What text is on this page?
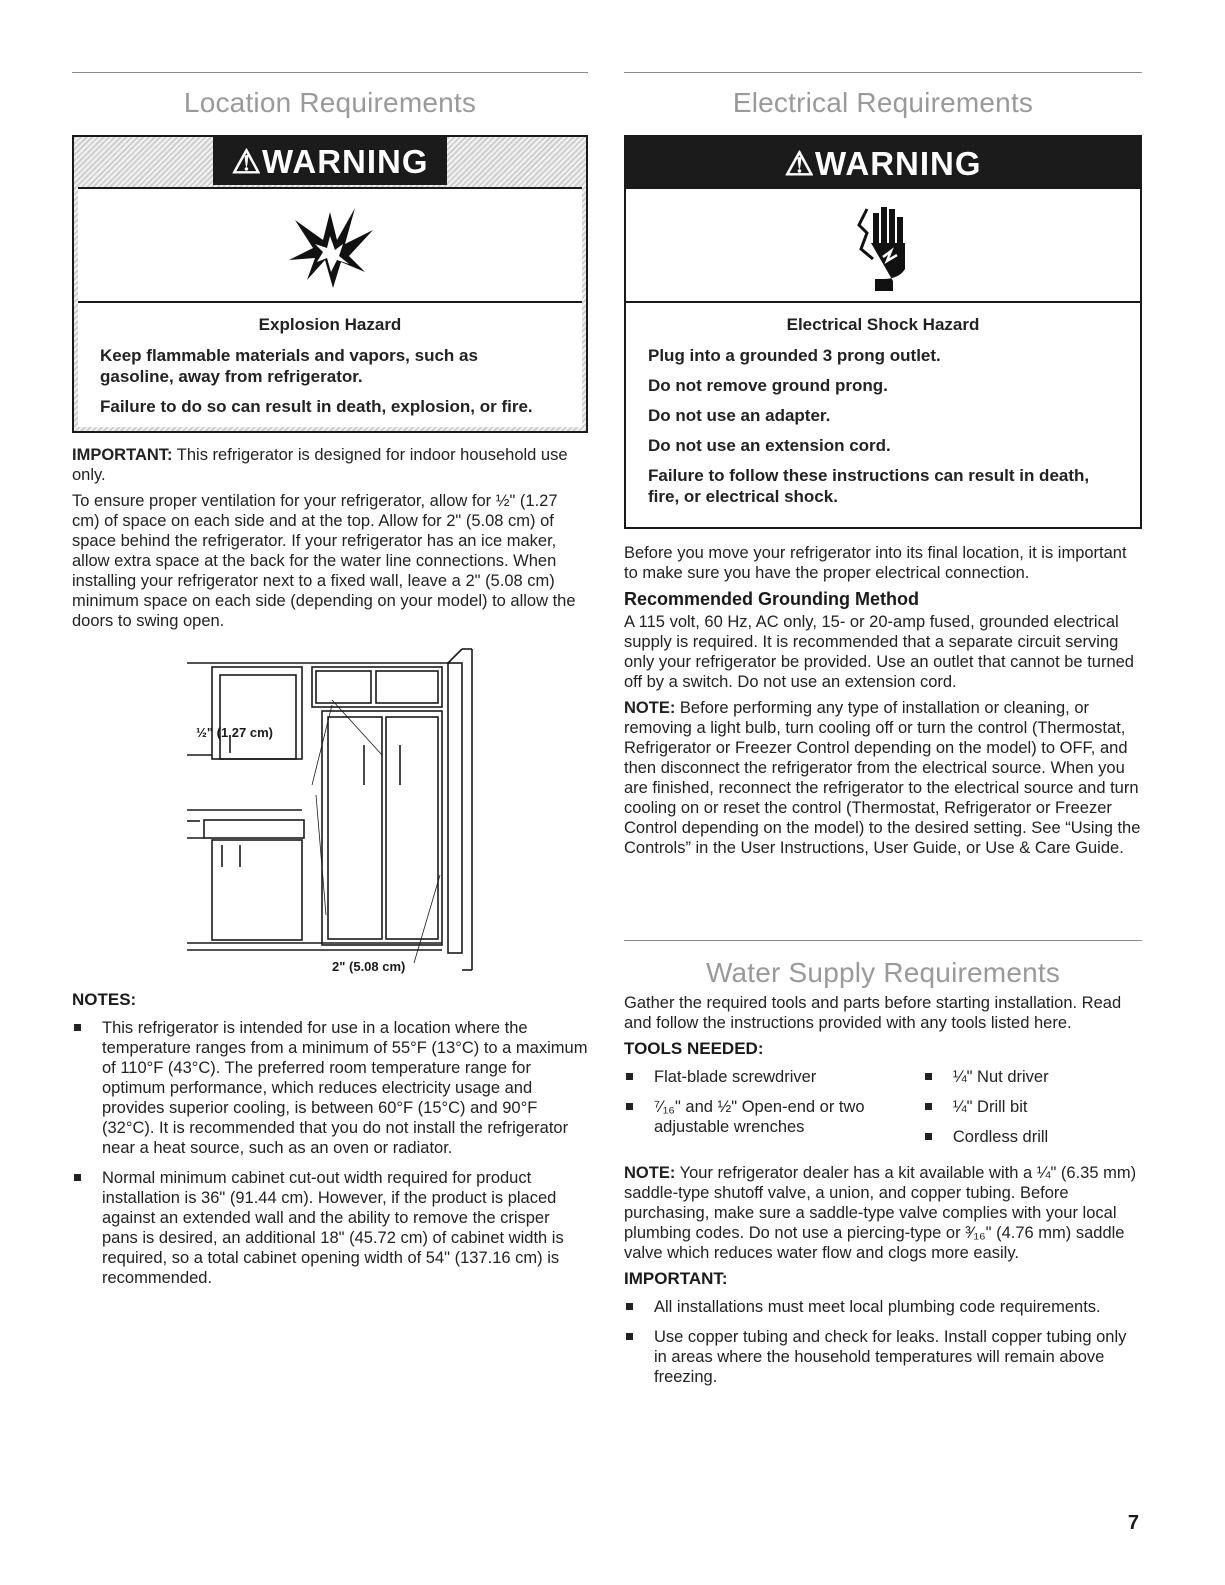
Location Requirements
⚠WARNING
Explosion Hazard
Keep flammable materials and vapors, such as gasoline, away from refrigerator.
Failure to do so can result in death, explosion, or fire.

IMPORTANT: This refrigerator is designed for indoor household use only.

To ensure proper ventilation for your refrigerator, allow for ½" (1.27 cm) of space on each side and at the top. Allow for 2" (5.08 cm) of space behind the refrigerator. If your refrigerator has an ice maker, allow extra space at the back for the water line connections. When installing your refrigerator next to a fixed wall, leave a 2" (5.08 cm) minimum space on each side (depending on your model) to allow the doors to swing open.

½" (1.27 cm)
2" (5.08 cm)
NOTES:
This refrigerator is intended for use in a location where the temperature ranges from a minimum of 55°F (13°C) to a maximum of 110°F (43°C). The preferred room temperature range for optimum performance, which reduces electricity usage and provides superior cooling, is between 60°F (15°C) and 90°F (32°C). It is recommended that you do not install the refrigerator near a heat source, such as an oven or radiator.
Normal minimum cabinet cut-out width required for product installation is 36" (91.44 cm). However, if the product is placed against an extended wall and the ability to remove the crisper pans is desired, an additional 18" (45.72 cm) of cabinet width is required, so a total cabinet opening width of 54" (137.16 cm) is recommended.
Electrical Requirements
⚠WARNING
Electrical Shock Hazard
Plug into a grounded 3 prong outlet.
Do not remove ground prong.
Do not use an adapter.
Do not use an extension cord.
Failure to follow these instructions can result in death, fire, or electrical shock.

Before you move your refrigerator into its final location, it is important to make sure you have the proper electrical connection.

Recommended Grounding Method

A 115 volt, 60 Hz, AC only, 15- or 20-amp fused, grounded electrical supply is required. It is recommended that a separate circuit serving only your refrigerator be provided. Use an outlet that cannot be turned off by a switch. Do not use an extension cord.

NOTE: Before performing any type of installation or cleaning, or removing a light bulb, turn cooling off or turn the control (Thermostat, Refrigerator or Freezer Control depending on the model) to OFF, and then disconnect the refrigerator from the electrical source. When you are finished, reconnect the refrigerator to the electrical source and turn cooling on or reset the control (Thermostat, Refrigerator or Freezer Control depending on the model) to the desired setting. See “Using the Controls” in the User Instructions, User Guide, or Use & Care Guide.

Water Supply Requirements

Gather the required tools and parts before starting installation. Read and follow the instructions provided with any tools listed here.

TOOLS NEEDED:
Flat-blade screwdriver
⁷⁄₁₆" and ½" Open-end or two adjustable wrenches
¼" Nut driver
¼" Drill bit
Cordless drill

NOTE: Your refrigerator dealer has a kit available with a ¼" (6.35 mm) saddle-type shutoff valve, a union, and copper tubing. Before purchasing, make sure a saddle-type valve complies with your local plumbing codes. Do not use a piercing-type or ³⁄₁₆" (4.76 mm) saddle valve which reduces water flow and clogs more easily.

IMPORTANT:
All installations must meet local plumbing code requirements.
Use copper tubing and check for leaks. Install copper tubing only in areas where the household temperatures will remain above freezing.
7
